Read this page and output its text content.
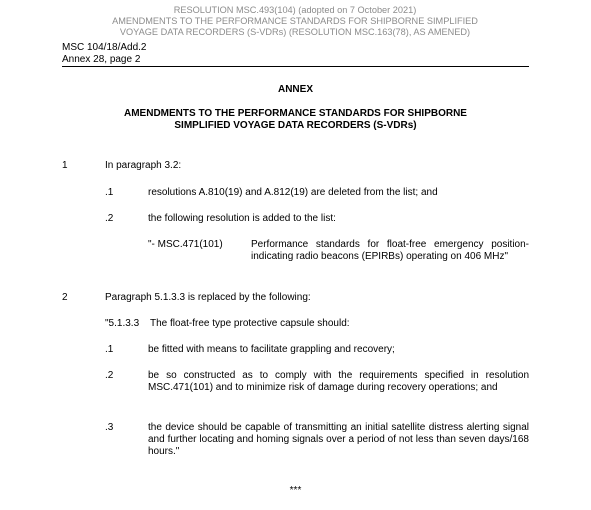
RESOLUTION MSC.493(104) (adopted on 7 October 2021)
AMENDMENTS TO THE PERFORMANCE STANDARDS FOR SHIPBORNE SIMPLIFIED
VOYAGE DATA RECORDERS (S-VDRs) (RESOLUTION MSC.163(78), AS AMENED)
MSC 104/18/Add.2
Annex 28, page 2
ANNEX
AMENDMENTS TO THE PERFORMANCE STANDARDS FOR SHIPBORNE
SIMPLIFIED VOYAGE DATA RECORDERS (S-VDRs)
1	In paragraph 3.2:
.1	resolutions A.810(19) and A.812(19) are deleted from the list; and
.2	the following resolution is added to the list:
"- MSC.471(101)	Performance standards for float-free emergency position-indicating radio beacons (EPIRBs) operating on 406 MHz"
2	Paragraph 5.1.3.3 is replaced by the following:
"5.1.3.3 The float-free type protective capsule should:
.1	be fitted with means to facilitate grappling and recovery;
.2	be so constructed as to comply with the requirements specified in resolution MSC.471(101) and to minimize risk of damage during recovery operations; and
.3	the device should be capable of transmitting an initial satellite distress alerting signal and further locating and homing signals over a period of not less than seven days/168 hours."
***
